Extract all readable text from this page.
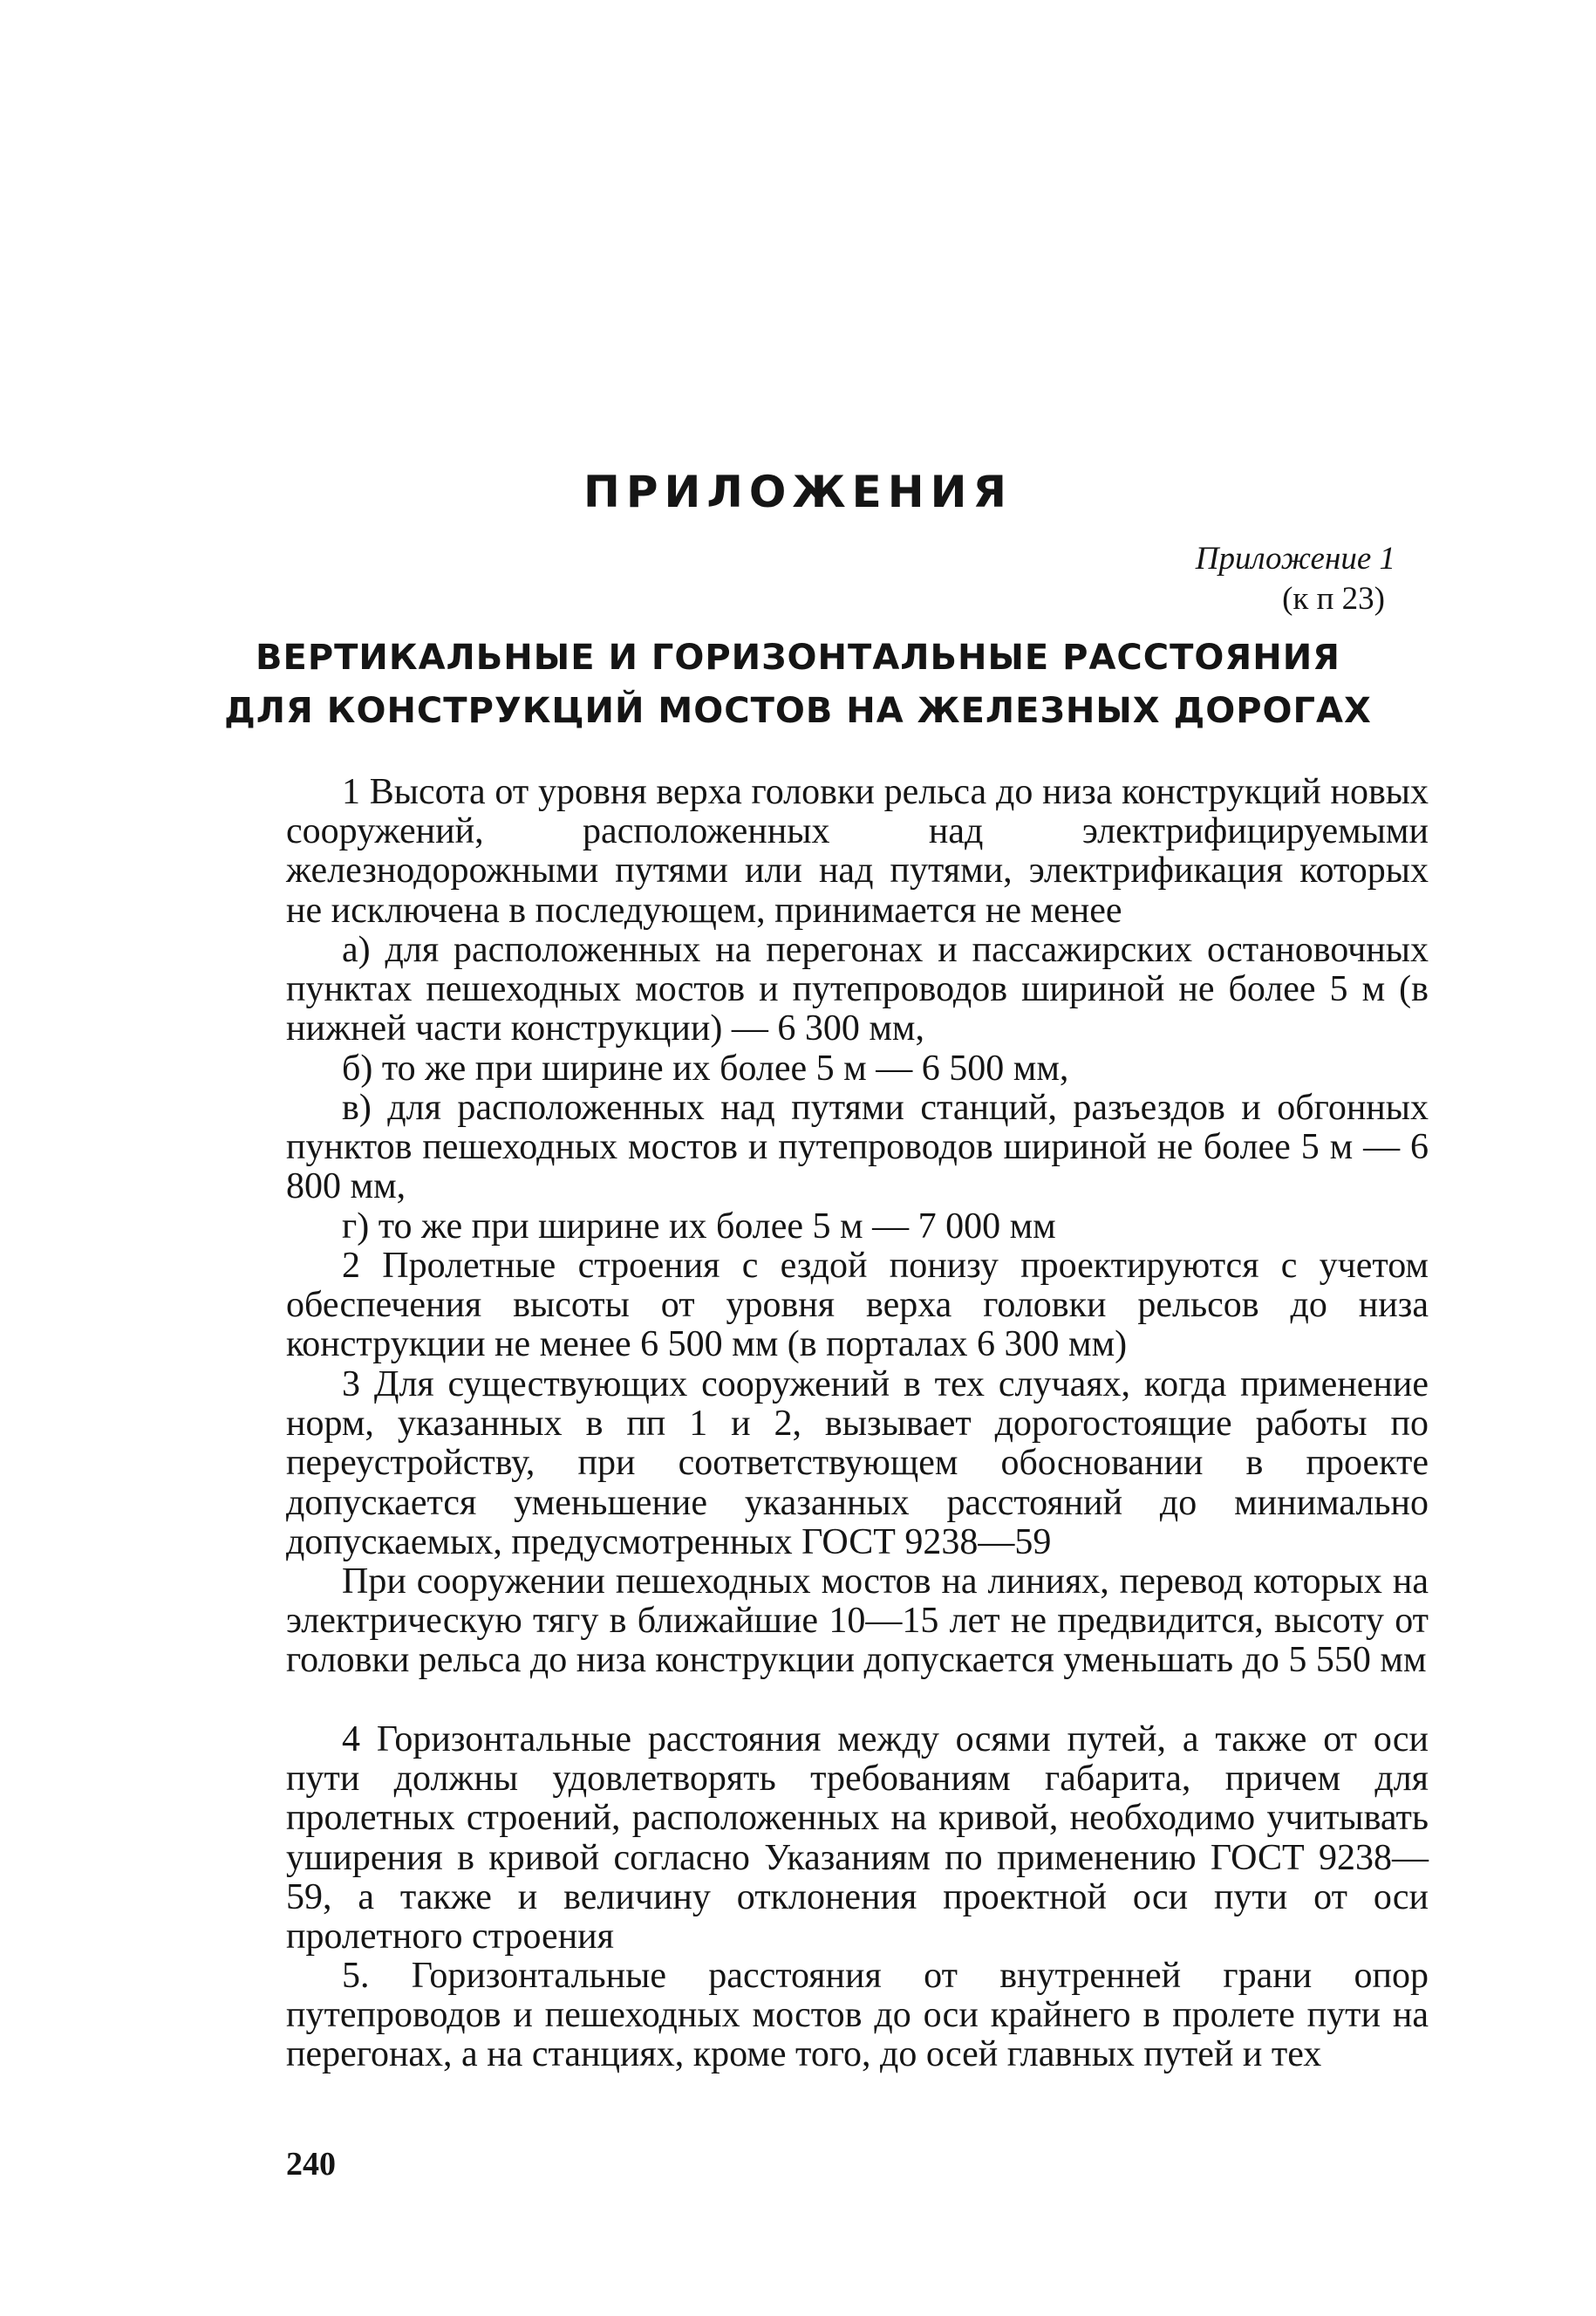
ПРИЛОЖЕНИЯ
Приложение 1
(к п 23)
ВЕРТИКАЛЬНЫЕ И ГОРИЗОНТАЛЬНЫЕ РАССТОЯНИЯ
ДЛЯ КОНСТРУКЦИЙ МОСТОВ НА ЖЕЛЕЗНЫХ ДОРОГАХ

1 Высота от уровня верха головки рельса до низа конструкций новых сооружений, расположенных над электрифицируемыми железнодорожными путями или над путями, электрификация которых не исключена в последующем, принимается не менее

а) для расположенных на перегонах и пассажирских остановочных пунктах пешеходных мостов и путепроводов шириной не более 5 м (в нижней части конструкции) — 6 300 мм,

б) то же при ширине их более 5 м — 6 500 мм,

в) для расположенных над путями станций, разъездов и обгонных пунктов пешеходных мостов и путепроводов шириной не более 5 м — 6 800 мм,

г) то же при ширине их более 5 м — 7 000 мм

2 Пролетные строения с ездой понизу проектируются с учетом обеспечения высоты от уровня верха головки рельсов до низа конструкции не менее 6 500 мм (в порталах 6 300 мм)

3 Для существующих сооружений в тех случаях, когда применение норм, указанных в пп 1 и 2, вызывает дорогостоящие работы по переустройству, при соответствующем обосновании в проекте допускается уменьшение указанных расстояний до минимально допускаемых, предусмотренных ГОСТ 9238—59

При сооружении пешеходных мостов на линиях, перевод которых на электрическую тягу в ближайшие 10—15 лет не предвидится, высоту от головки рельса до низа конструкции допускается уменьшать до 5 550 мм

4 Горизонтальные расстояния между осями путей, а также от оси пути должны удовлетворять требованиям габарита, причем для пролетных строений, расположенных на кривой, необходимо учитывать уширения в кривой согласно Указаниям по применению ГОСТ 9238—59, а также и величину отклонения проектной оси пути от оси пролетного строения

5. Горизонтальные расстояния от внутренней грани опор путепроводов и пешеходных мостов до оси крайнего в пролете пути на перегонах, а на станциях, кроме того, до осей главных путей и тех

240
